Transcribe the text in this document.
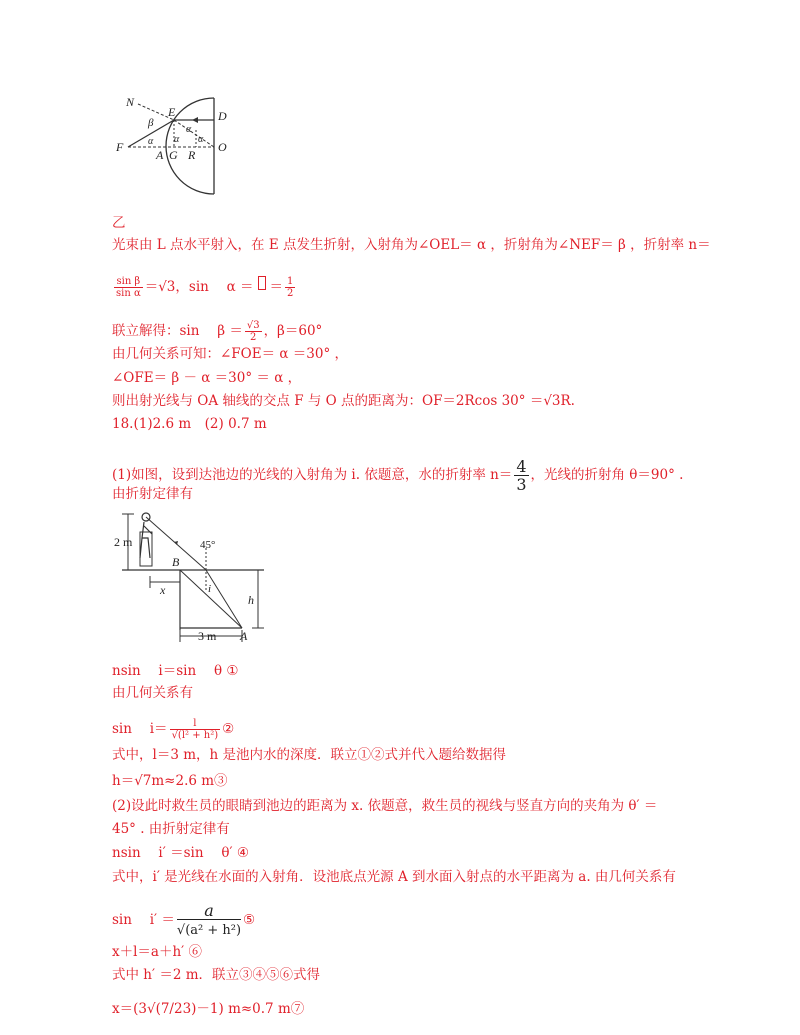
N
E	D
β
α
α α α
F
A G R
O
乙
光束由 L 点水平射入，在 E 点发生折射，入射角为∠OEL＝ α ，折射角为∠NEF＝ β ，折射率 n＝
$\frac{\text{sin β}}{\text{sin α}} =√3$，sin　 α ＝ ＝ $\frac{1}{2}$
联立解得：sin　 $\beta = \frac{√3}{2}$ ，β＝60°
由几何关系可知：∠FOE＝ α ＝30° ，
∠OFE＝ β － α ＝30° ＝ α ，
则出射光线与 OA 轴线的交点 F 与 O 点的距离为：OF＝2Rcos 30° ＝√3R.
18.(1)2.6 m　(2) 0.7 m
(1)如图，设到达池边的光线的入射角为 i. 依题意，水的折射率 $n= \frac{4}{3}$ ，光线的折射角 θ＝90° .
由折射定律有
2 m	45°
B
x	i
h
3 m A
nsin　 i＝sin　 θ ①
由几何关系有
sin　 $i= \frac{l}{\text{√(l² + h²)}}$ ②
式中，l＝3 m，h 是池内水的深度．联立①②式并代入题给数据得
h＝√7m≈2.6 m③
(2)设此时救生员的眼睛到池边的距离为 x. 依题意，救生员的视线与竖直方向的夹角为 θ′ ＝
45° . 由折射定律有
nsin　 i′ ＝sin　 θ′ ④
式中，i′ 是光线在水面的入射角．设池底点光源 A 到水面入射点的水平距离为 a. 由几何关系有
sin　 $i' = \frac{a}{\text{√(a² + h²)}}$ ⑤
x＋l＝a＋h′ ⑥
式中 h′ ＝2 m．联立③④⑤⑥式得
x＝(3√(7/23)－1) m≈0.7 m⑦
